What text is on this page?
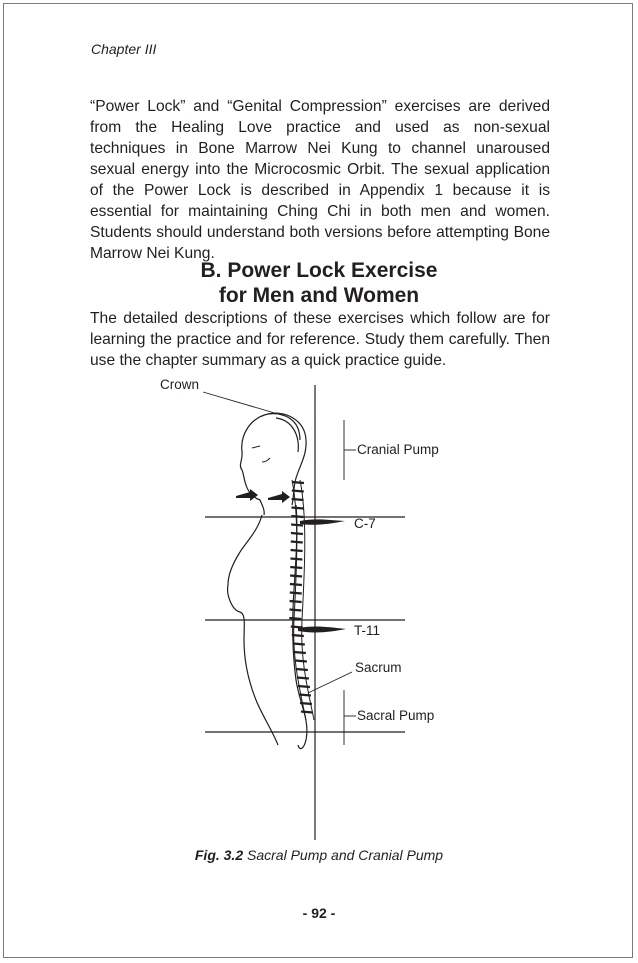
Chapter III

“Power Lock” and “Genital Compression” exercises are derived from the Healing Love practice and used as non-sexual techniques in Bone Marrow Nei Kung to channel unaroused sexual energy into the Microcosmic Orbit. The sexual application of the Power Lock is described in Appendix 1 because it is essential for maintaining Ching Chi in both men and women. Students should understand both versions before attempting Bone Marrow Nei Kung.

B. Power Lock Exercise
for Men and Women

The detailed descriptions of these exercises which follow are for learning the practice and for reference. Study them carefully. Then use the chapter summary as a quick practice guide.

Crown
Cranial Pump
C-7
T-11
Sacrum
Sacral Pump
Fig. 3.2 Sacral Pump and Cranial Pump
- 92 -
